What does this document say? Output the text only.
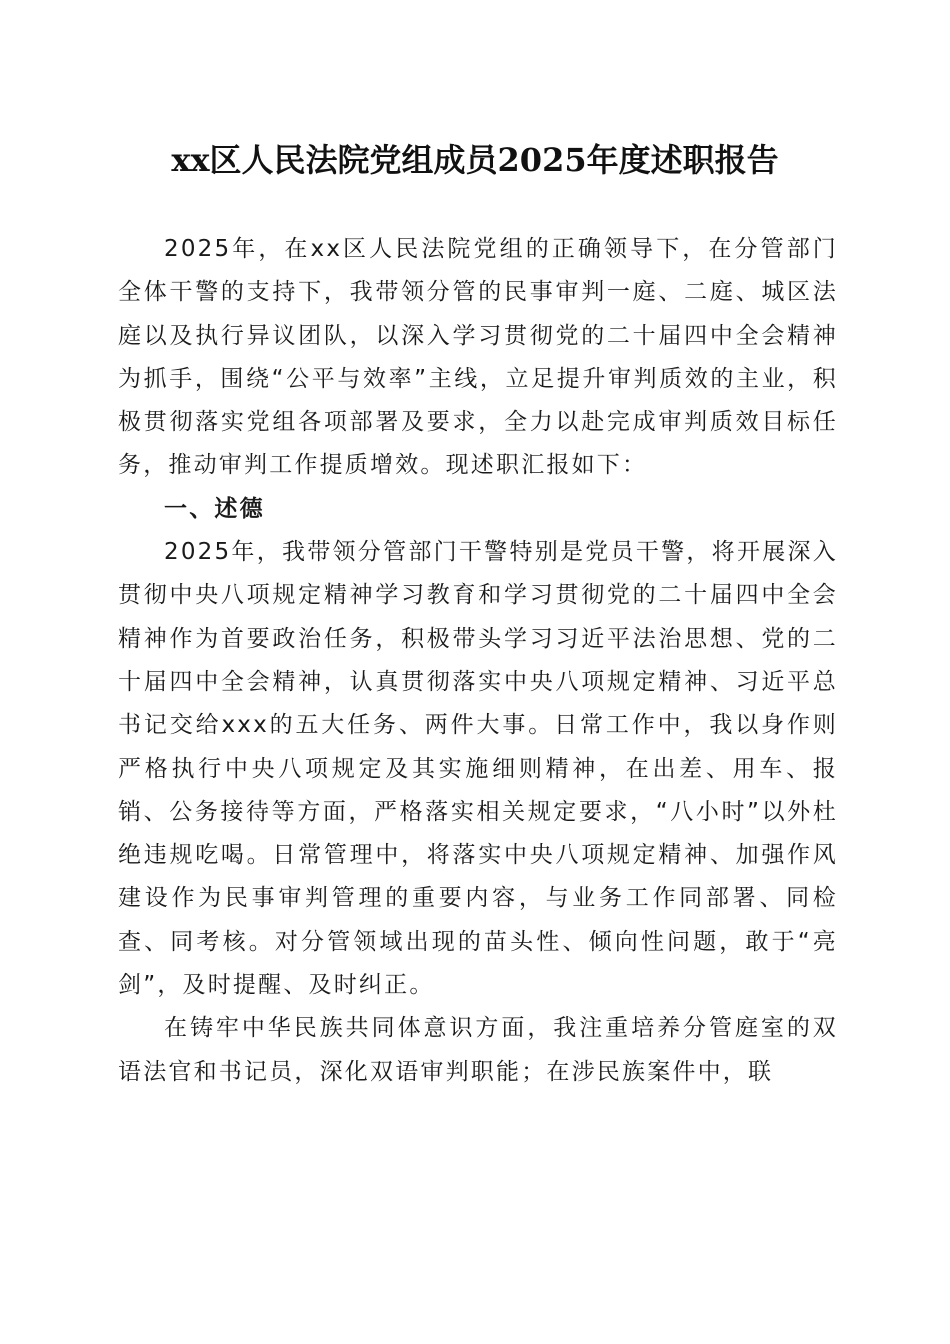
xx区人民法院党组成员2025年度述职报告

2025年，在xx区人民法院党组的正确领导下，在分管部门全体干警的支持下，我带领分管的民事审判一庭、二庭、城区法庭以及执行异议团队，以深入学习贯彻党的二十届四中全会精神为抓手，围绕“公平与效率”主线，立足提升审判质效的主业，积极贯彻落实党组各项部署及要求，全力以赴完成审判质效目标任务，推动审判工作提质增效。现述职汇报如下：

一、述德

2025年，我带领分管部门干警特别是党员干警，将开展深入贯彻中央八项规定精神学习教育和学习贯彻党的二十届四中全会精神作为首要政治任务，积极带头学习习近平法治思想、党的二十届四中全会精神，认真贯彻落实中央八项规定精神、习近平总书记交给xxx的五大任务、两件大事。日常工作中，我以身作则严格执行中央八项规定及其实施细则精神，在出差、用车、报销、公务接待等方面，严格落实相关规定要求，“八小时”以外杜绝违规吃喝。日常管理中，将落实中央八项规定精神、加强作风建设作为民事审判管理的重要内容，与业务工作同部署、同检查、同考核。对分管领域出现的苗头性、倾向性问题，敢于“亮剑”，及时提醒、及时纠正。

在铸牢中华民族共同体意识方面，我注重培养分管庭室的双语法官和书记员，深化双语审判职能；在涉民族案件中，联
